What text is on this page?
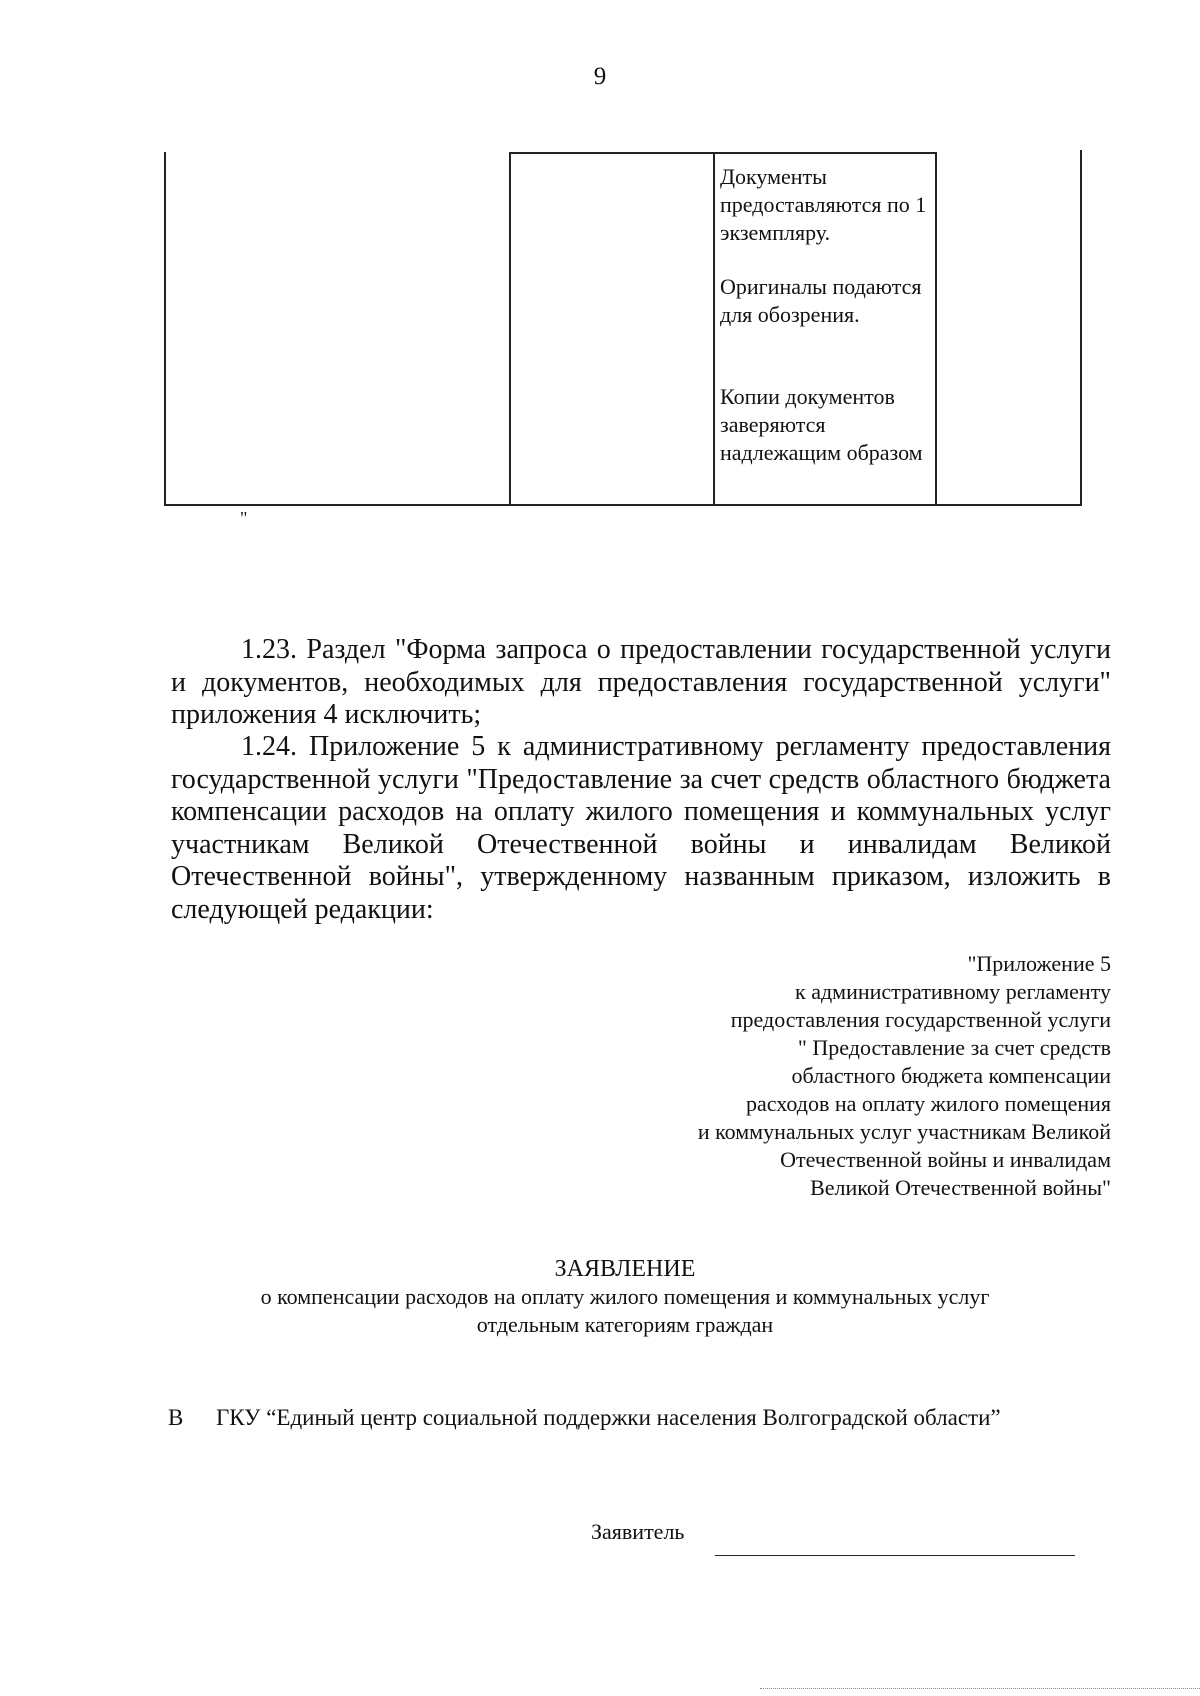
9
Документы предоставляются по 1 экземпляру.
Оригиналы подаются для обозрения.
Копии документов заверяются надлежащим образом
"
1.23. Раздел "Форма запроса о предоставлении государственной услуги и документов, необходимых для предоставления государственной услуги" приложения 4 исключить;
1.24. Приложение 5 к административному регламенту предоставления государственной услуги "Предоставление за счет средств областного бюджета компенсации расходов на оплату жилого помещения и коммунальных услуг участникам Великой Отечественной войны и инвалидам Великой Отечественной войны", утвержденному названным приказом, изложить в следующей редакции:
"Приложение 5
к административному регламенту
предоставления государственной услуги
" Предоставление за счет средств
областного бюджета компенсации
расходов на оплату жилого помещения
и коммунальных услуг участникам Великой
Отечественной войны и инвалидам
Великой Отечественной войны"
ЗАЯВЛЕНИЕ
о компенсации расходов на оплату жилого помещения и коммунальных услуг
отдельным категориям граждан
В ГКУ “Единый центр социальной поддержки населения Волгоградской области”
Заявитель
